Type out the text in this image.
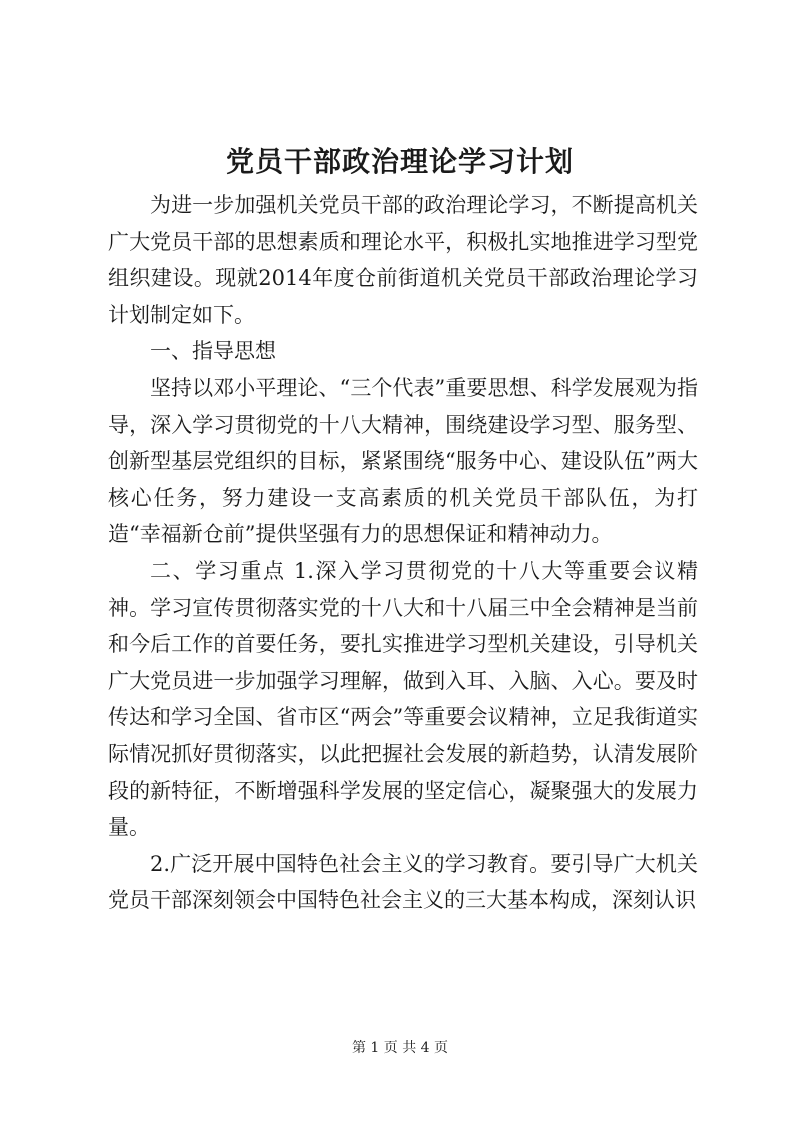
党员干部政治理论学习计划

为进一步加强机关党员干部的政治理论学习，不断提高机关广大党员干部的思想素质和理论水平，积极扎实地推进学习型党组织建设。现就2014年度仓前街道机关党员干部政治理论学习计划制定如下。

一、指导思想

坚持以邓小平理论、“三个代表”重要思想、科学发展观为指导，深入学习贯彻党的十八大精神，围绕建设学习型、服务型、创新型基层党组织的目标，紧紧围绕“服务中心、建设队伍”两大核心任务，努力建设一支高素质的机关党员干部队伍，为打造“幸福新仓前”提供坚强有力的思想保证和精神动力。

二、学习重点 1.深入学习贯彻党的十八大等重要会议精神。学习宣传贯彻落实党的十八大和十八届三中全会精神是当前和今后工作的首要任务，要扎实推进学习型机关建设，引导机关广大党员进一步加强学习理解，做到入耳、入脑、入心。要及时传达和学习全国、省市区“两会”等重要会议精神，立足我街道实际情况抓好贯彻落实，以此把握社会发展的新趋势，认清发展阶段的新特征，不断增强科学发展的坚定信心，凝聚强大的发展力量。

2.广泛开展中国特色社会主义的学习教育。要引导广大机关党员干部深刻领会中国特色社会主义的三大基本构成，深刻认识

第 1 页 共 4 页
